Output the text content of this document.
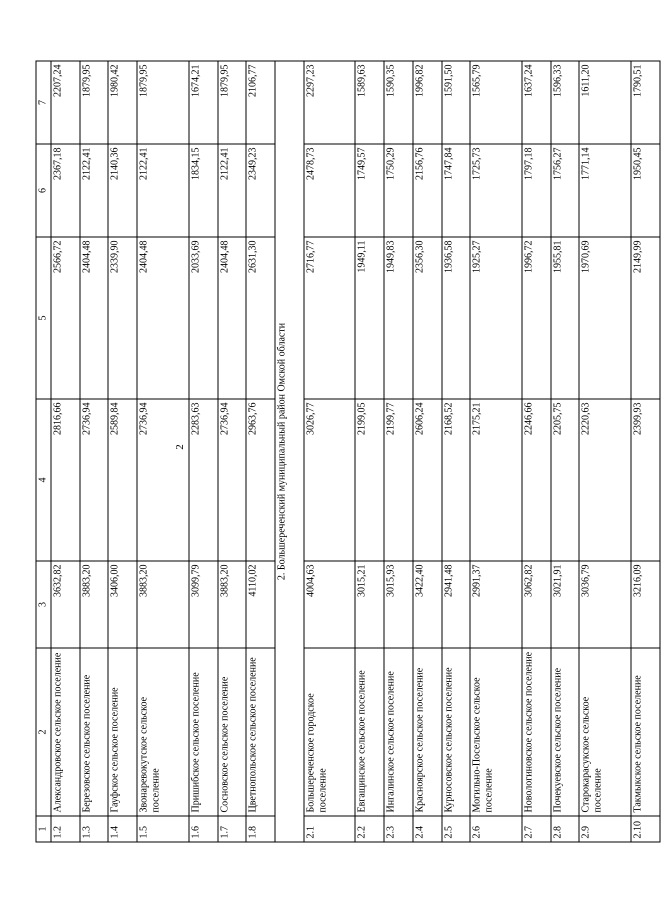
2
1	2	3	4	5	6	7
1.2	Александровское сельское поселение	3632,82	2816,66	2566,72	2367,18	2207,24
1.3	Березовское сельское поселение	3883,20	2736,94	2404,48	2122,41	1879,95
1.4	Гауфское сельское поселение	3406,00	2589,84	2339,90	2140,36	1980,42
1.5	Звонаревокутское сельское поселение	3883,20	2736,94	2404,48	2122,41	1879,95
1.6	Пришибское сельское поселение	3099,79	2283,63	2033,69	1834,15	1674,21
1.7	Сосновское сельское поселение	3883,20	2736,94	2404,48	2122,41	1879,95
1.8	Цветнопольское сельское поселение	4110,02	2963,76	2631,30	2349,23	2106,77
2. Большереченский муниципальный район Омской области						
2.1	Большереченское городское поселение	4004,63	3026,77	2716,77	2478,73	2297,23
2.2	Евгащинское сельское поселение	3015,21	2199,05	1949,11	1749,57	1589,63
2.3	Ингалинское сельское поселение	3015,93	2199,77	1949,83	1750,29	1590,35
2.4	Красноярское сельское поселение	3422,40	2606,24	2356,30	2156,76	1996,82
2.5	Курносовское сельское поселение	2941,48	2168,52	1936,58	1747,84	1591,50
2.6	Могильно-Посельское сельское поселение	2991,37	2175,21	1925,27	1725,73	1565,79
2.7	Новологиновское сельское поселение	3062,82	2246,66	1996,72	1797,18	1637,24
2.8	Почекуевское сельское поселение	3021,91	2205,75	1955,81	1756,27	1596,33
2.9	Старокарасукское сельское поселение	3036,79	2220,63	1970,69	1771,14	1611,20
2.10	Такмыкское сельское поселение	3216,09	2399,93	2149,99	1950,45	1790,51
